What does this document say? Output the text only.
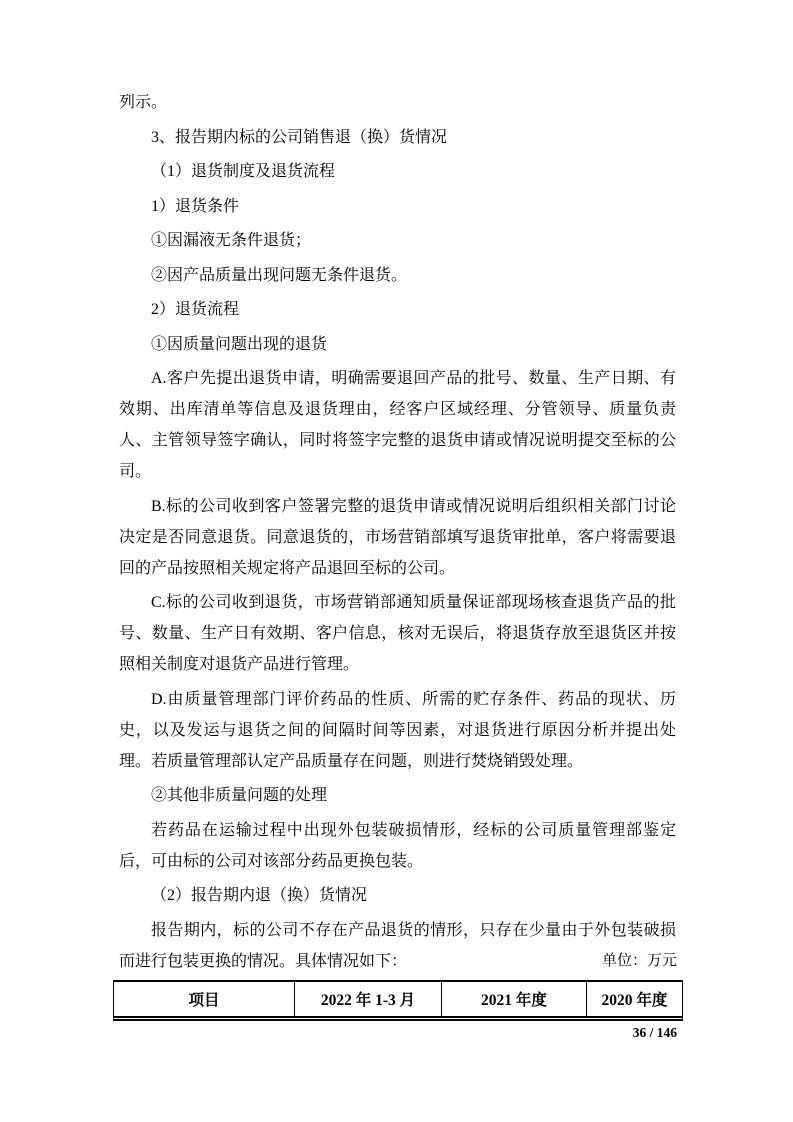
列示。

3、报告期内标的公司销售退（换）货情况

（1）退货制度及退货流程

1）退货条件

①因漏液无条件退货；

②因产品质量出现问题无条件退货。

2）退货流程

①因质量问题出现的退货

A.客户先提出退货申请，明确需要退回产品的批号、数量、生产日期、有效期、出库清单等信息及退货理由，经客户区域经理、分管领导、质量负责人、主管领导签字确认，同时将签字完整的退货申请或情况说明提交至标的公司。

B.标的公司收到客户签署完整的退货申请或情况说明后组织相关部门讨论决定是否同意退货。同意退货的，市场营销部填写退货审批单，客户将需要退回的产品按照相关规定将产品退回至标的公司。

C.标的公司收到退货，市场营销部通知质量保证部现场核查退货产品的批号、数量、生产日有效期、客户信息，核对无误后，将退货存放至退货区并按照相关制度对退货产品进行管理。

D.由质量管理部门评价药品的性质、所需的贮存条件、药品的现状、历史，以及发运与退货之间的间隔时间等因素，对退货进行原因分析并提出处理。若质量管理部认定产品质量存在问题，则进行焚烧销毁处理。

②其他非质量问题的处理

若药品在运输过程中出现外包装破损情形，经标的公司质量管理部鉴定后，可由标的公司对该部分药品更换包装。

（2）报告期内退（换）货情况

报告期内，标的公司不存在产品退货的情形，只存在少量由于外包装破损而进行包装更换的情况。具体情况如下：	单位：万元
项目	2022 年 1-3 月	2021 年度	2020 年度
36 / 146
